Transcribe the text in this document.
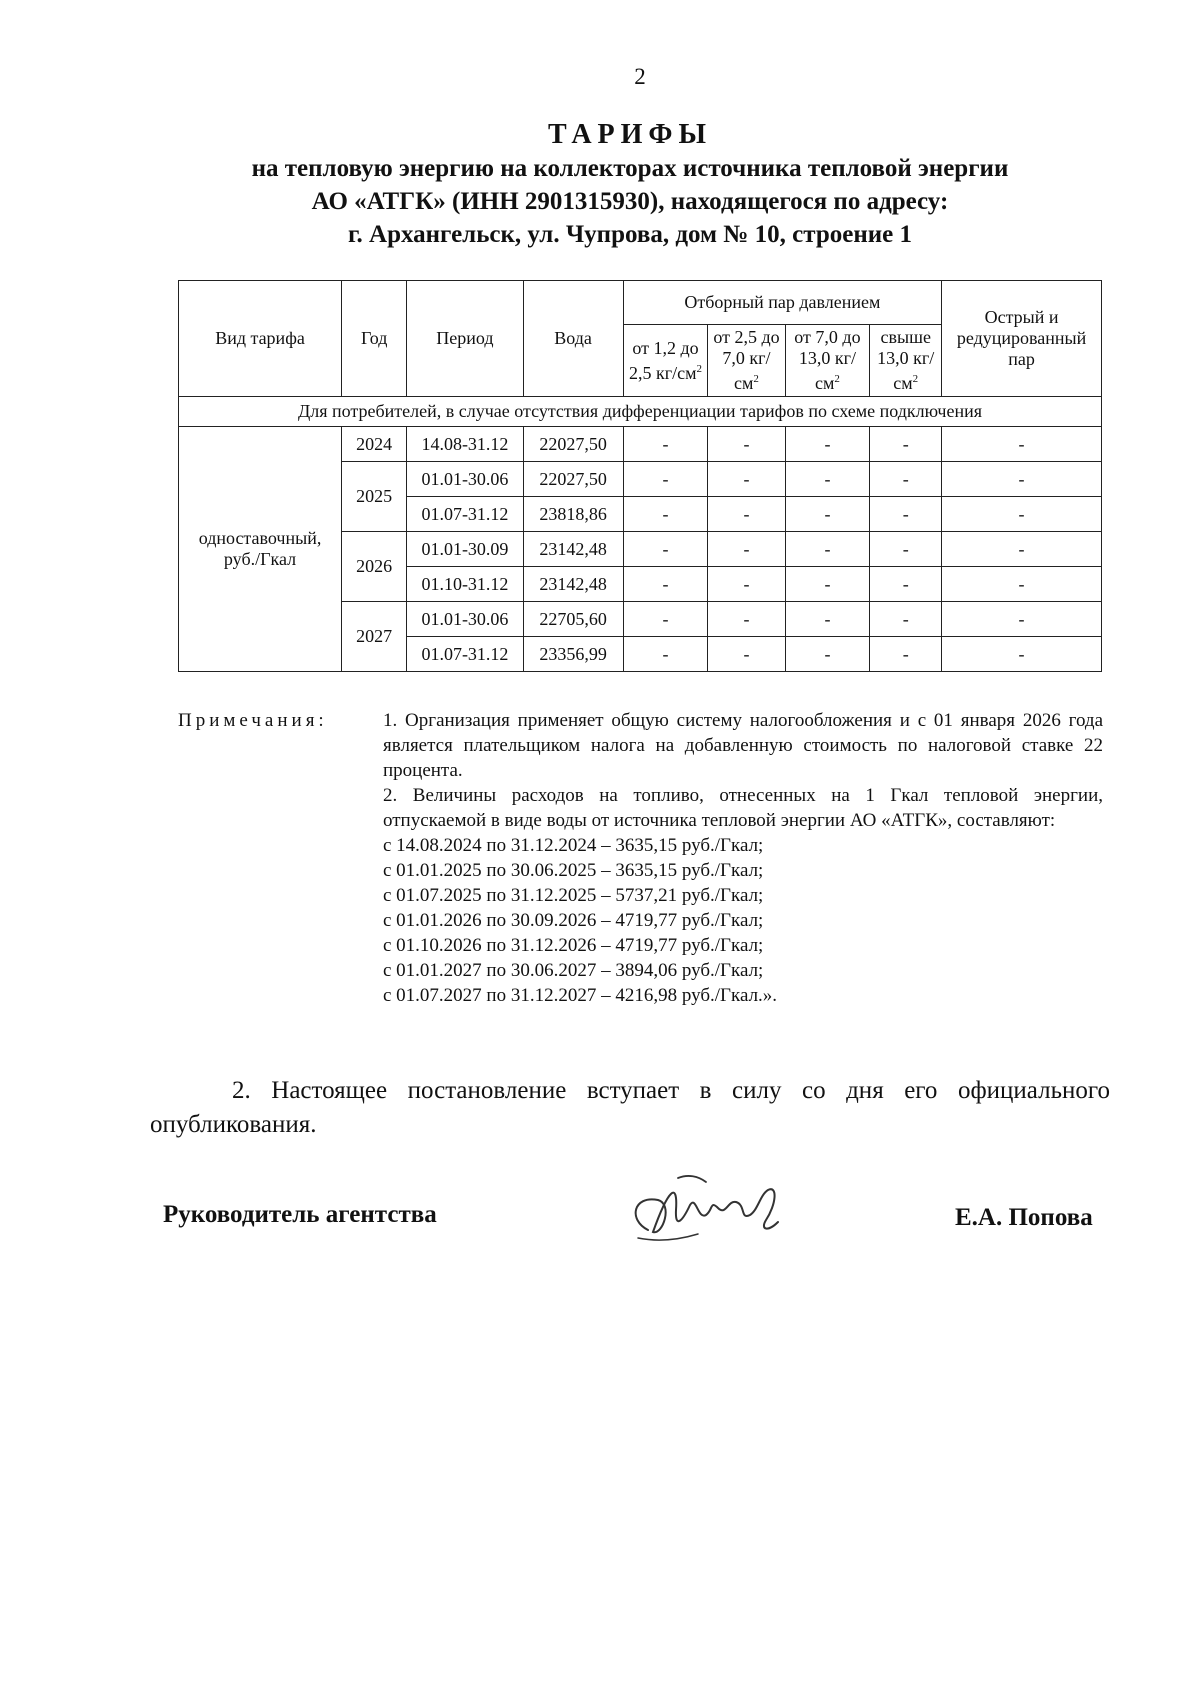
2
ТАРИФЫ
на тепловую энергию на коллекторах источника тепловой энергии
АО «АТГК» (ИНН 2901315930), находящегося по адресу:
г. Архангельск, ул. Чупрова, дом № 10, строение 1
Вид тарифа	Год	Период	Вода	Отборный пар давлением				Острый и редуцированный пар
				от 1,2 до 2,5 $кг/см^2$	от 2,5 до 7,0 $кг/см^2$	от 7,0 до 13,0 $кг/см^2$	свыше 13,0 $кг/см^2$
Для потребителей, в случае отсутствия дифференциации тарифов по схеме подключения								
одноставочный, руб./Гкал	2024	14.08-31.12	22027,50	-	-	-	-	-
	2025	01.01-30.06	22027,50	-	-	-	-	-
		01.07-31.12	23818,86	-	-	-	-	-
	2026	01.01-30.09	23142,48	-	-	-	-	-
		01.10-31.12	23142,48	-	-	-	-	-
	2027	01.01-30.06	22705,60	-	-	-	-	-
		01.07-31.12	23356,99	-	-	-	-	-
Примечания:	1. Организация применяет общую систему налогообложения и с 01 января 2026 года является плательщиком налога на добавленную стоимость по налоговой ставке 22 процента.

2. Величины расходов на топливо, отнесенных на 1 Гкал тепловой энергии, отпускаемой в виде воды от источника тепловой энергии АО «АТГК», составляют:

с 14.08.2024 по 31.12.2024 – 3635,15 руб./Гкал;

с 01.01.2025 по 30.06.2025 – 3635,15 руб./Гкал;

с 01.07.2025 по 31.12.2025 – 5737,21 руб./Гкал;

с 01.01.2026 по 30.09.2026 – 4719,77 руб./Гкал;

с 01.10.2026 по 31.12.2026 – 4719,77 руб./Гкал;

с 01.01.2027 по 30.06.2027 – 3894,06 руб./Гкал;

с 01.07.2027 по 31.12.2027 – 4216,98 руб./Гкал.».

2. Настоящее постановление вступает в силу со дня его официального опубликования.
Руководитель агентства	Е.А. Попова
